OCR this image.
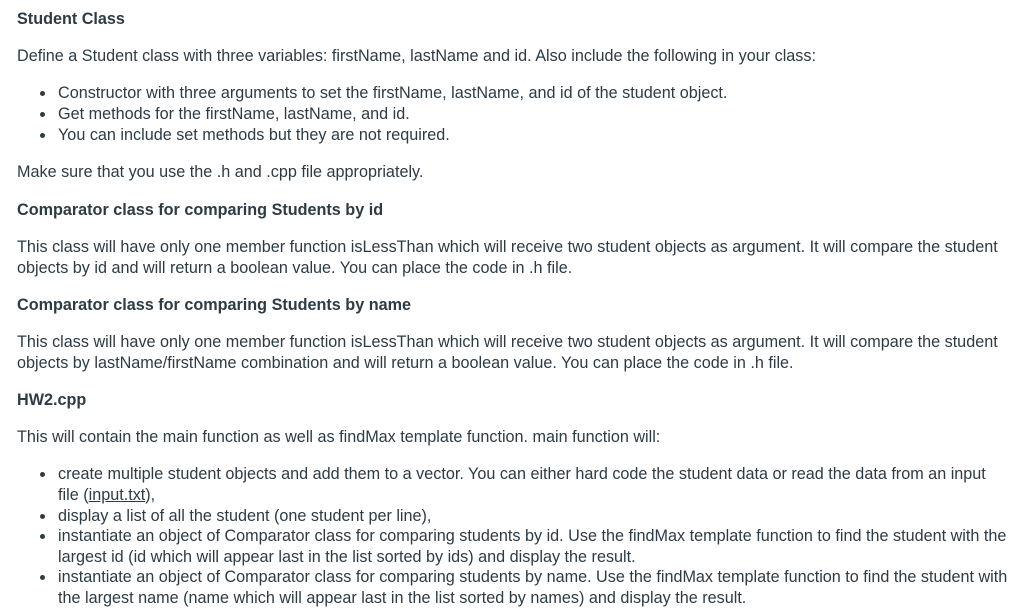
Student Class

Define a Student class with three variables: firstName, lastName and id. Also include the following in your class:

Constructor with three arguments to set the firstName, lastName, and id of the student object.
Get methods for the firstName, lastName, and id.
You can include set methods but they are not required.

Make sure that you use the .h and .cpp file appropriately.

Comparator class for comparing Students by id

This class will have only one member function isLessThan which will receive two student objects as argument. It will compare the student objects by id and will return a boolean value. You can place the code in .h file.

Comparator class for comparing Students by name

This class will have only one member function isLessThan which will receive two student objects as argument. It will compare the student objects by lastName/firstName combination and will return a boolean value. You can place the code in .h file.

HW2.cpp

This will contain the main function as well as findMax template function. main function will:

create multiple student objects and add them to a vector. You can either hard code the student data or read the data from an input file (input.txt),
display a list of all the student (one student per line),
instantiate an object of Comparator class for comparing students by id. Use the findMax template function to find the student with the largest id (id which will appear last in the list sorted by ids) and display the result.
instantiate an object of Comparator class for comparing students by name. Use the findMax template function to find the student with the largest name (name which will appear last in the list sorted by names) and display the result.
